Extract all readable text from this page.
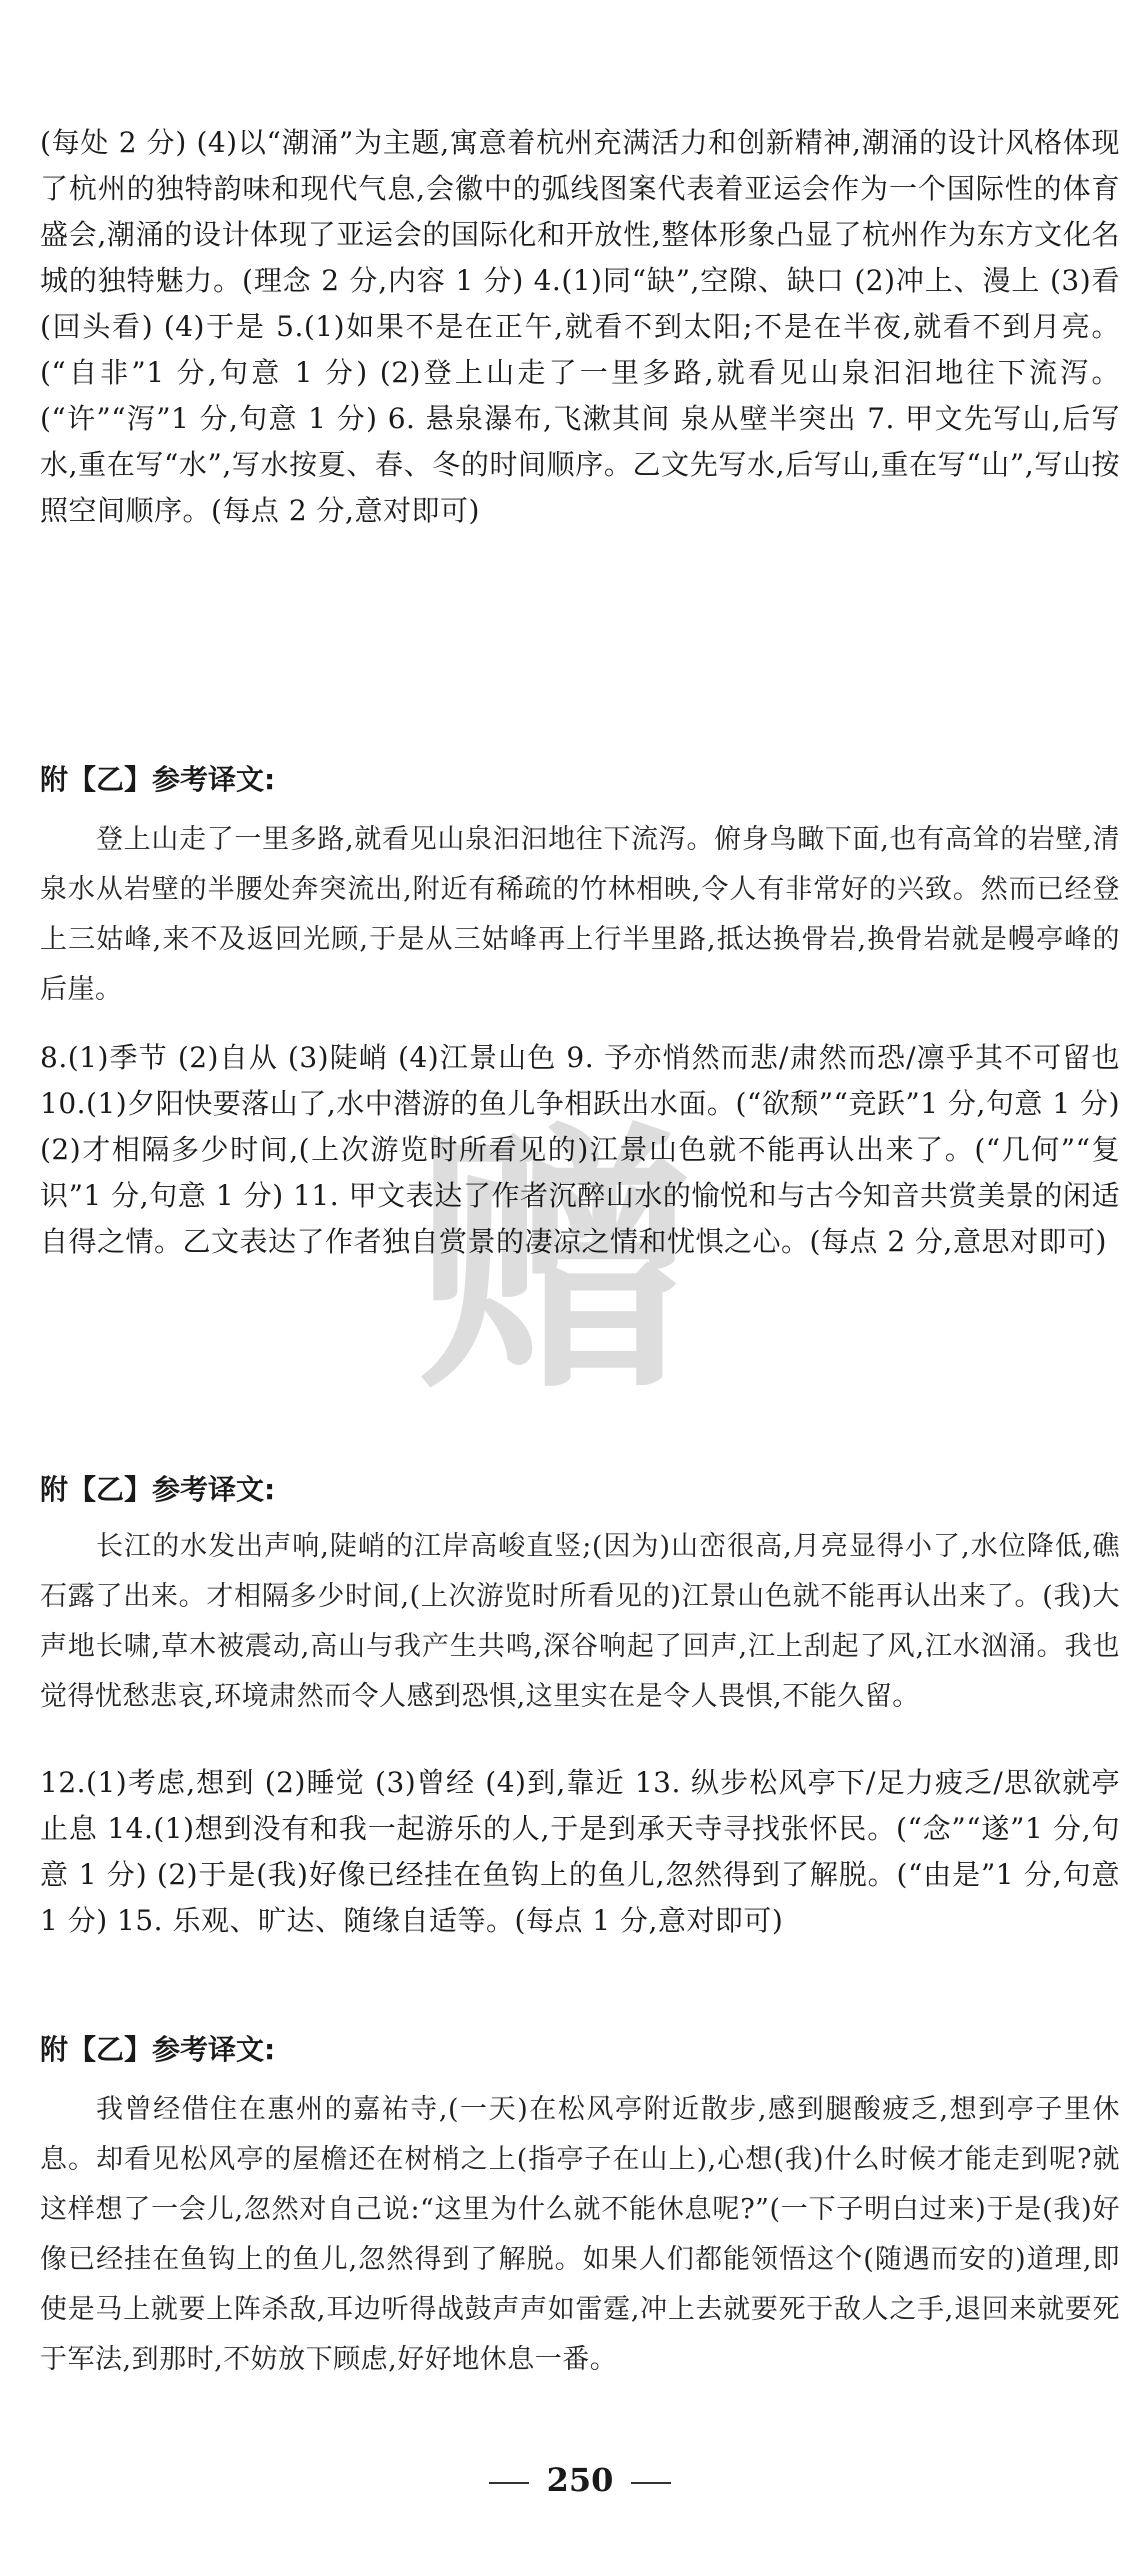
(每处 2 分) (4)以“潮涌”为主题,寓意着杭州充满活力和创新精神,潮涌的设计风格体现了杭州的独特韵味和现代气息,会徽中的弧线图案代表着亚运会作为一个国际性的体育盛会,潮涌的设计体现了亚运会的国际化和开放性,整体形象凸显了杭州作为东方文化名城的独特魅力。(理念 2 分,内容 1 分) 4.(1)同“缺”,空隙、缺口 (2)冲上、漫上 (3)看(回头看) (4)于是 5.(1)如果不是在正午,就看不到太阳;不是在半夜,就看不到月亮。(“自非”1 分,句意 1 分) (2)登上山走了一里多路,就看见山泉汩汩地往下流泻。(“许”“泻”1 分,句意 1 分) 6. 悬泉瀑布,飞漱其间 泉从壁半突出 7. 甲文先写山,后写水,重在写“水”,写水按夏、春、冬的时间顺序。乙文先写水,后写山,重在写“山”,写山按照空间顺序。(每点 2 分,意对即可)

附【乙】参考译文:

登上山走了一里多路,就看见山泉汩汩地往下流泻。俯身鸟瞰下面,也有高耸的岩壁,清泉水从岩壁的半腰处奔突流出,附近有稀疏的竹林相映,令人有非常好的兴致。然而已经登上三姑峰,来不及返回光顾,于是从三姑峰再上行半里路,抵达换骨岩,换骨岩就是幔亭峰的后崖。

8.(1)季节 (2)自从 (3)陡峭 (4)江景山色 9. 予亦悄然而悲/肃然而恐/凛乎其不可留也 10.(1)夕阳快要落山了,水中潜游的鱼儿争相跃出水面。(“欲颓”“竞跃”1 分,句意 1 分) (2)才相隔多少时间,(上次游览时所看见的)江景山色就不能再认出来了。(“几何”“复识”1 分,句意 1 分) 11. 甲文表达了作者沉醉山水的愉悦和与古今知音共赏美景的闲适自得之情。乙文表达了作者独自赏景的凄凉之情和忧惧之心。(每点 2 分,意思对即可)

附【乙】参考译文:

长江的水发出声响,陡峭的江岸高峻直竖;(因为)山峦很高,月亮显得小了,水位降低,礁石露了出来。才相隔多少时间,(上次游览时所看见的)江景山色就不能再认出来了。(我)大声地长啸,草木被震动,高山与我产生共鸣,深谷响起了回声,江上刮起了风,江水汹涌。我也觉得忧愁悲哀,环境肃然而令人感到恐惧,这里实在是令人畏惧,不能久留。

12.(1)考虑,想到 (2)睡觉 (3)曾经 (4)到,靠近 13. 纵步松风亭下/足力疲乏/思欲就亭止息 14.(1)想到没有和我一起游乐的人,于是到承天寺寻找张怀民。(“念”“遂”1 分,句意 1 分) (2)于是(我)好像已经挂在鱼钩上的鱼儿,忽然得到了解脱。(“由是”1 分,句意 1 分) 15. 乐观、旷达、随缘自适等。(每点 1 分,意对即可)

附【乙】参考译文:

我曾经借住在惠州的嘉祐寺,(一天)在松风亭附近散步,感到腿酸疲乏,想到亭子里休息。却看见松风亭的屋檐还在树梢之上(指亭子在山上),心想(我)什么时候才能走到呢?就这样想了一会儿,忽然对自己说:“这里为什么就不能休息呢?”(一下子明白过来)于是(我)好像已经挂在鱼钩上的鱼儿,忽然得到了解脱。如果人们都能领悟这个(随遇而安的)道理,即使是马上就要上阵杀敌,耳边听得战鼓声声如雷霆,冲上去就要死于敌人之手,退回来就要死于军法,到那时,不妨放下顾虑,好好地休息一番。

250
赠
